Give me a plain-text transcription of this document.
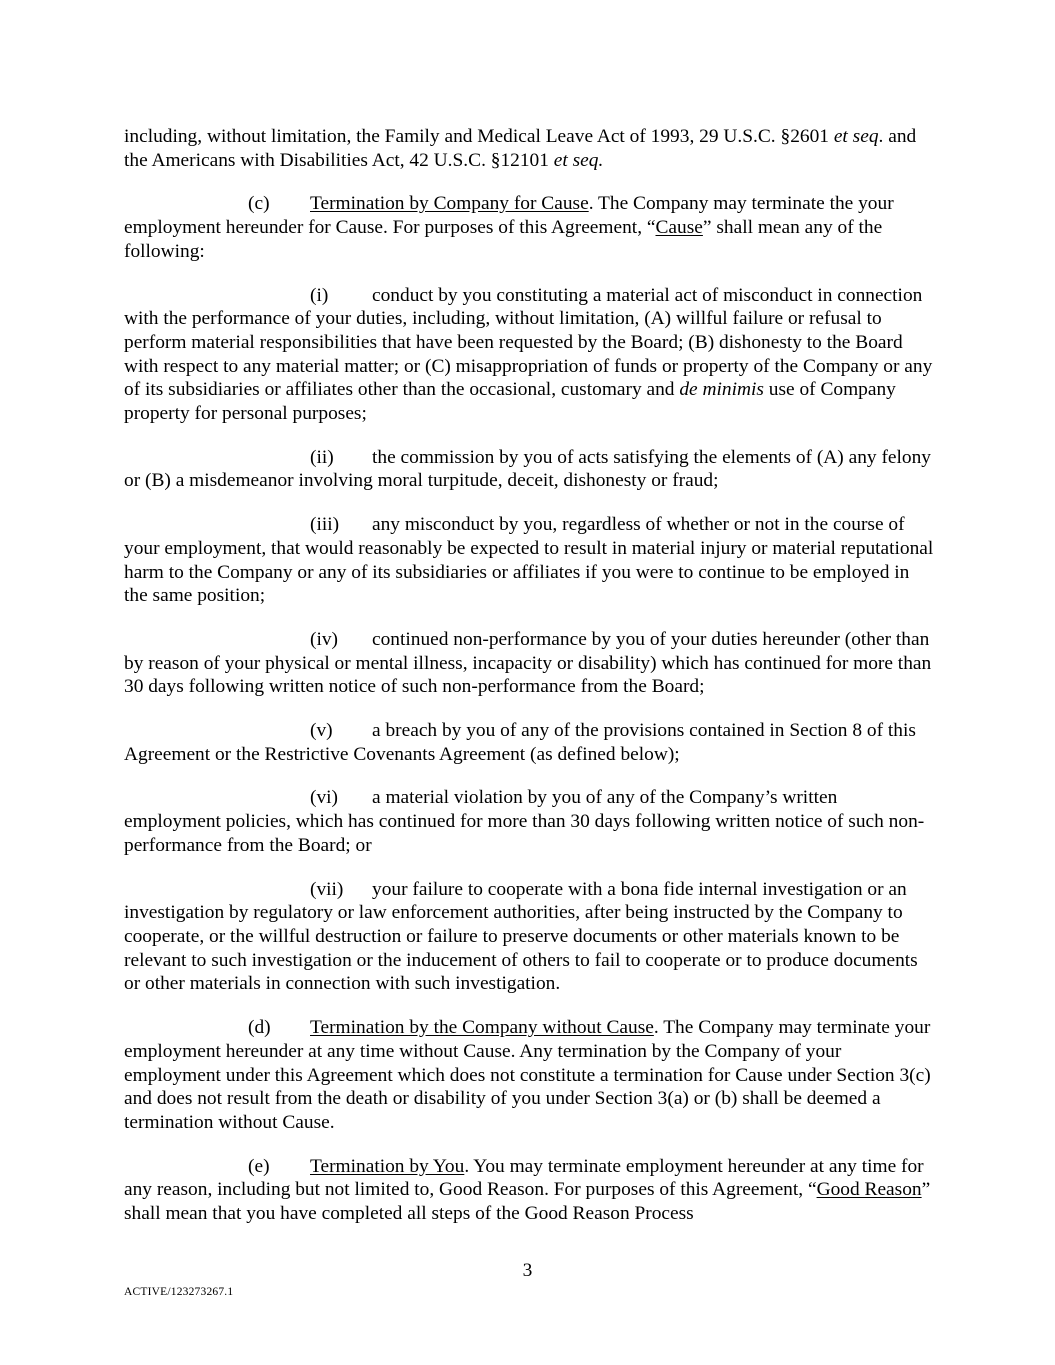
including, without limitation, the Family and Medical Leave Act of 1993, 29 U.S.C. §2601 et seq. and the Americans with Disabilities Act, 42 U.S.C. §12101 et seq.

(c) Termination by Company for Cause. The Company may terminate the your employment hereunder for Cause. For purposes of this Agreement, “Cause” shall mean any of the following:

(i) conduct by you constituting a material act of misconduct in connection with the performance of your duties, including, without limitation, (A) willful failure or refusal to perform material responsibilities that have been requested by the Board; (B) dishonesty to the Board with respect to any material matter; or (C) misappropriation of funds or property of the Company or any of its subsidiaries or affiliates other than the occasional, customary and de minimis use of Company property for personal purposes;

(ii) the commission by you of acts satisfying the elements of (A) any felony or (B) a misdemeanor involving moral turpitude, deceit, dishonesty or fraud;

(iii) any misconduct by you, regardless of whether or not in the course of your employment, that would reasonably be expected to result in material injury or material reputational harm to the Company or any of its subsidiaries or affiliates if you were to continue to be employed in the same position;

(iv) continued non-performance by you of your duties hereunder (other than by reason of your physical or mental illness, incapacity or disability) which has continued for more than 30 days following written notice of such non-performance from the Board;

(v) a breach by you of any of the provisions contained in Section 8 of this Agreement or the Restrictive Covenants Agreement (as defined below);

(vi) a material violation by you of any of the Company’s written employment policies, which has continued for more than 30 days following written notice of such non-performance from the Board; or

(vii) your failure to cooperate with a bona fide internal investigation or an investigation by regulatory or law enforcement authorities, after being instructed by the Company to cooperate, or the willful destruction or failure to preserve documents or other materials known to be relevant to such investigation or the inducement of others to fail to cooperate or to produce documents or other materials in connection with such investigation.

(d) Termination by the Company without Cause. The Company may terminate your employment hereunder at any time without Cause. Any termination by the Company of your employment under this Agreement which does not constitute a termination for Cause under Section 3(c) and does not result from the death or disability of you under Section 3(a) or (b) shall be deemed a termination without Cause.

(e) Termination by You. You may terminate employment hereunder at any time for any reason, including but not limited to, Good Reason. For purposes of this Agreement, “Good Reason” shall mean that you have completed all steps of the Good Reason Process

3
ACTIVE/123273267.1
